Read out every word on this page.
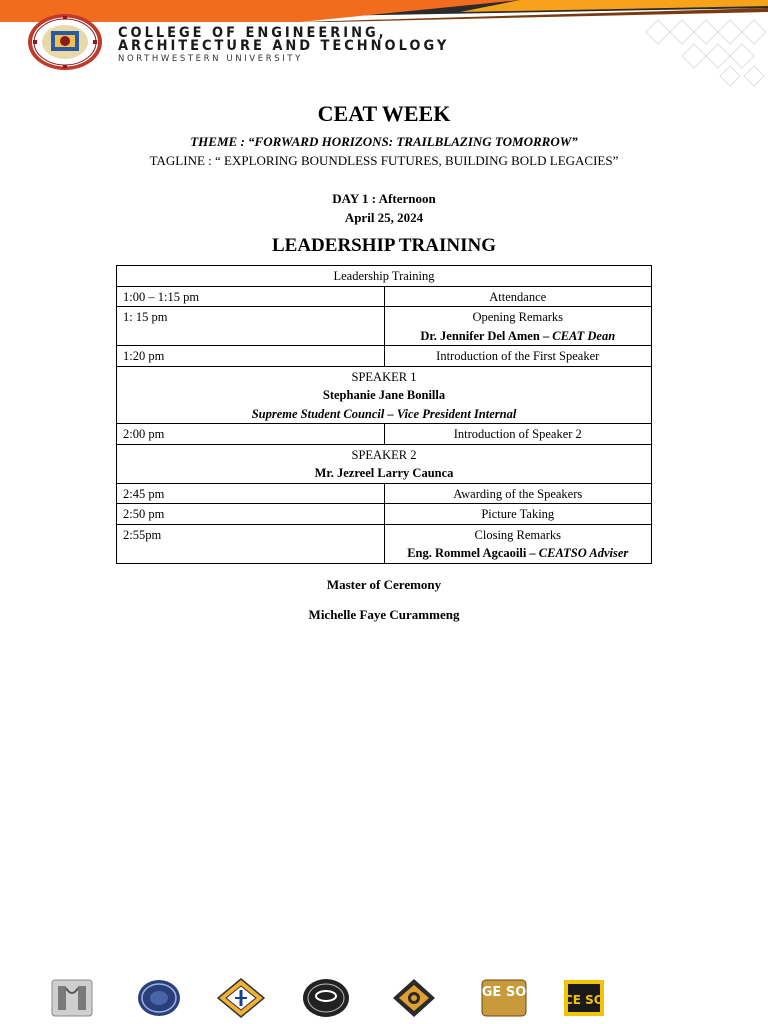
COLLEGE OF ENGINEERING,
ARCHITECTURE AND TECHNOLOGY
NORTHWESTERN UNIVERSITY
CEAT WEEK
THEME : “FORWARD HORIZONS: TRAILBLAZING TOMORROW”
TAGLINE : “ EXPLORING BOUNDLESS FUTURES, BUILDING BOLD LEGACIES”
DAY 1 : Afternoon
April 25, 2024
LEADERSHIP TRAINING
Leadership Training	
1:00 – 1:15 pm	Attendance
1: 15 pm	Opening Remarks
Dr. Jennifer Del Amen – CEAT Dean

1:20 pm	Introduction of the First Speaker

SPEAKER 1
Stephanie Jane Bonilla
Supreme Student Council – Vice President Internal	

2:00 pm	Introduction of Speaker 2

SPEAKER 2
Mr. Jezreel Larry Caunca	

2:45 pm	Awarding of the Speakers
2:50 pm	Picture Taking
2:55pm	Closing Remarks
Eng. Rommel Agcaoili – CEATSO Adviser
Master of Ceremony
Michelle Faye Curammeng
GE SO	CE SO
